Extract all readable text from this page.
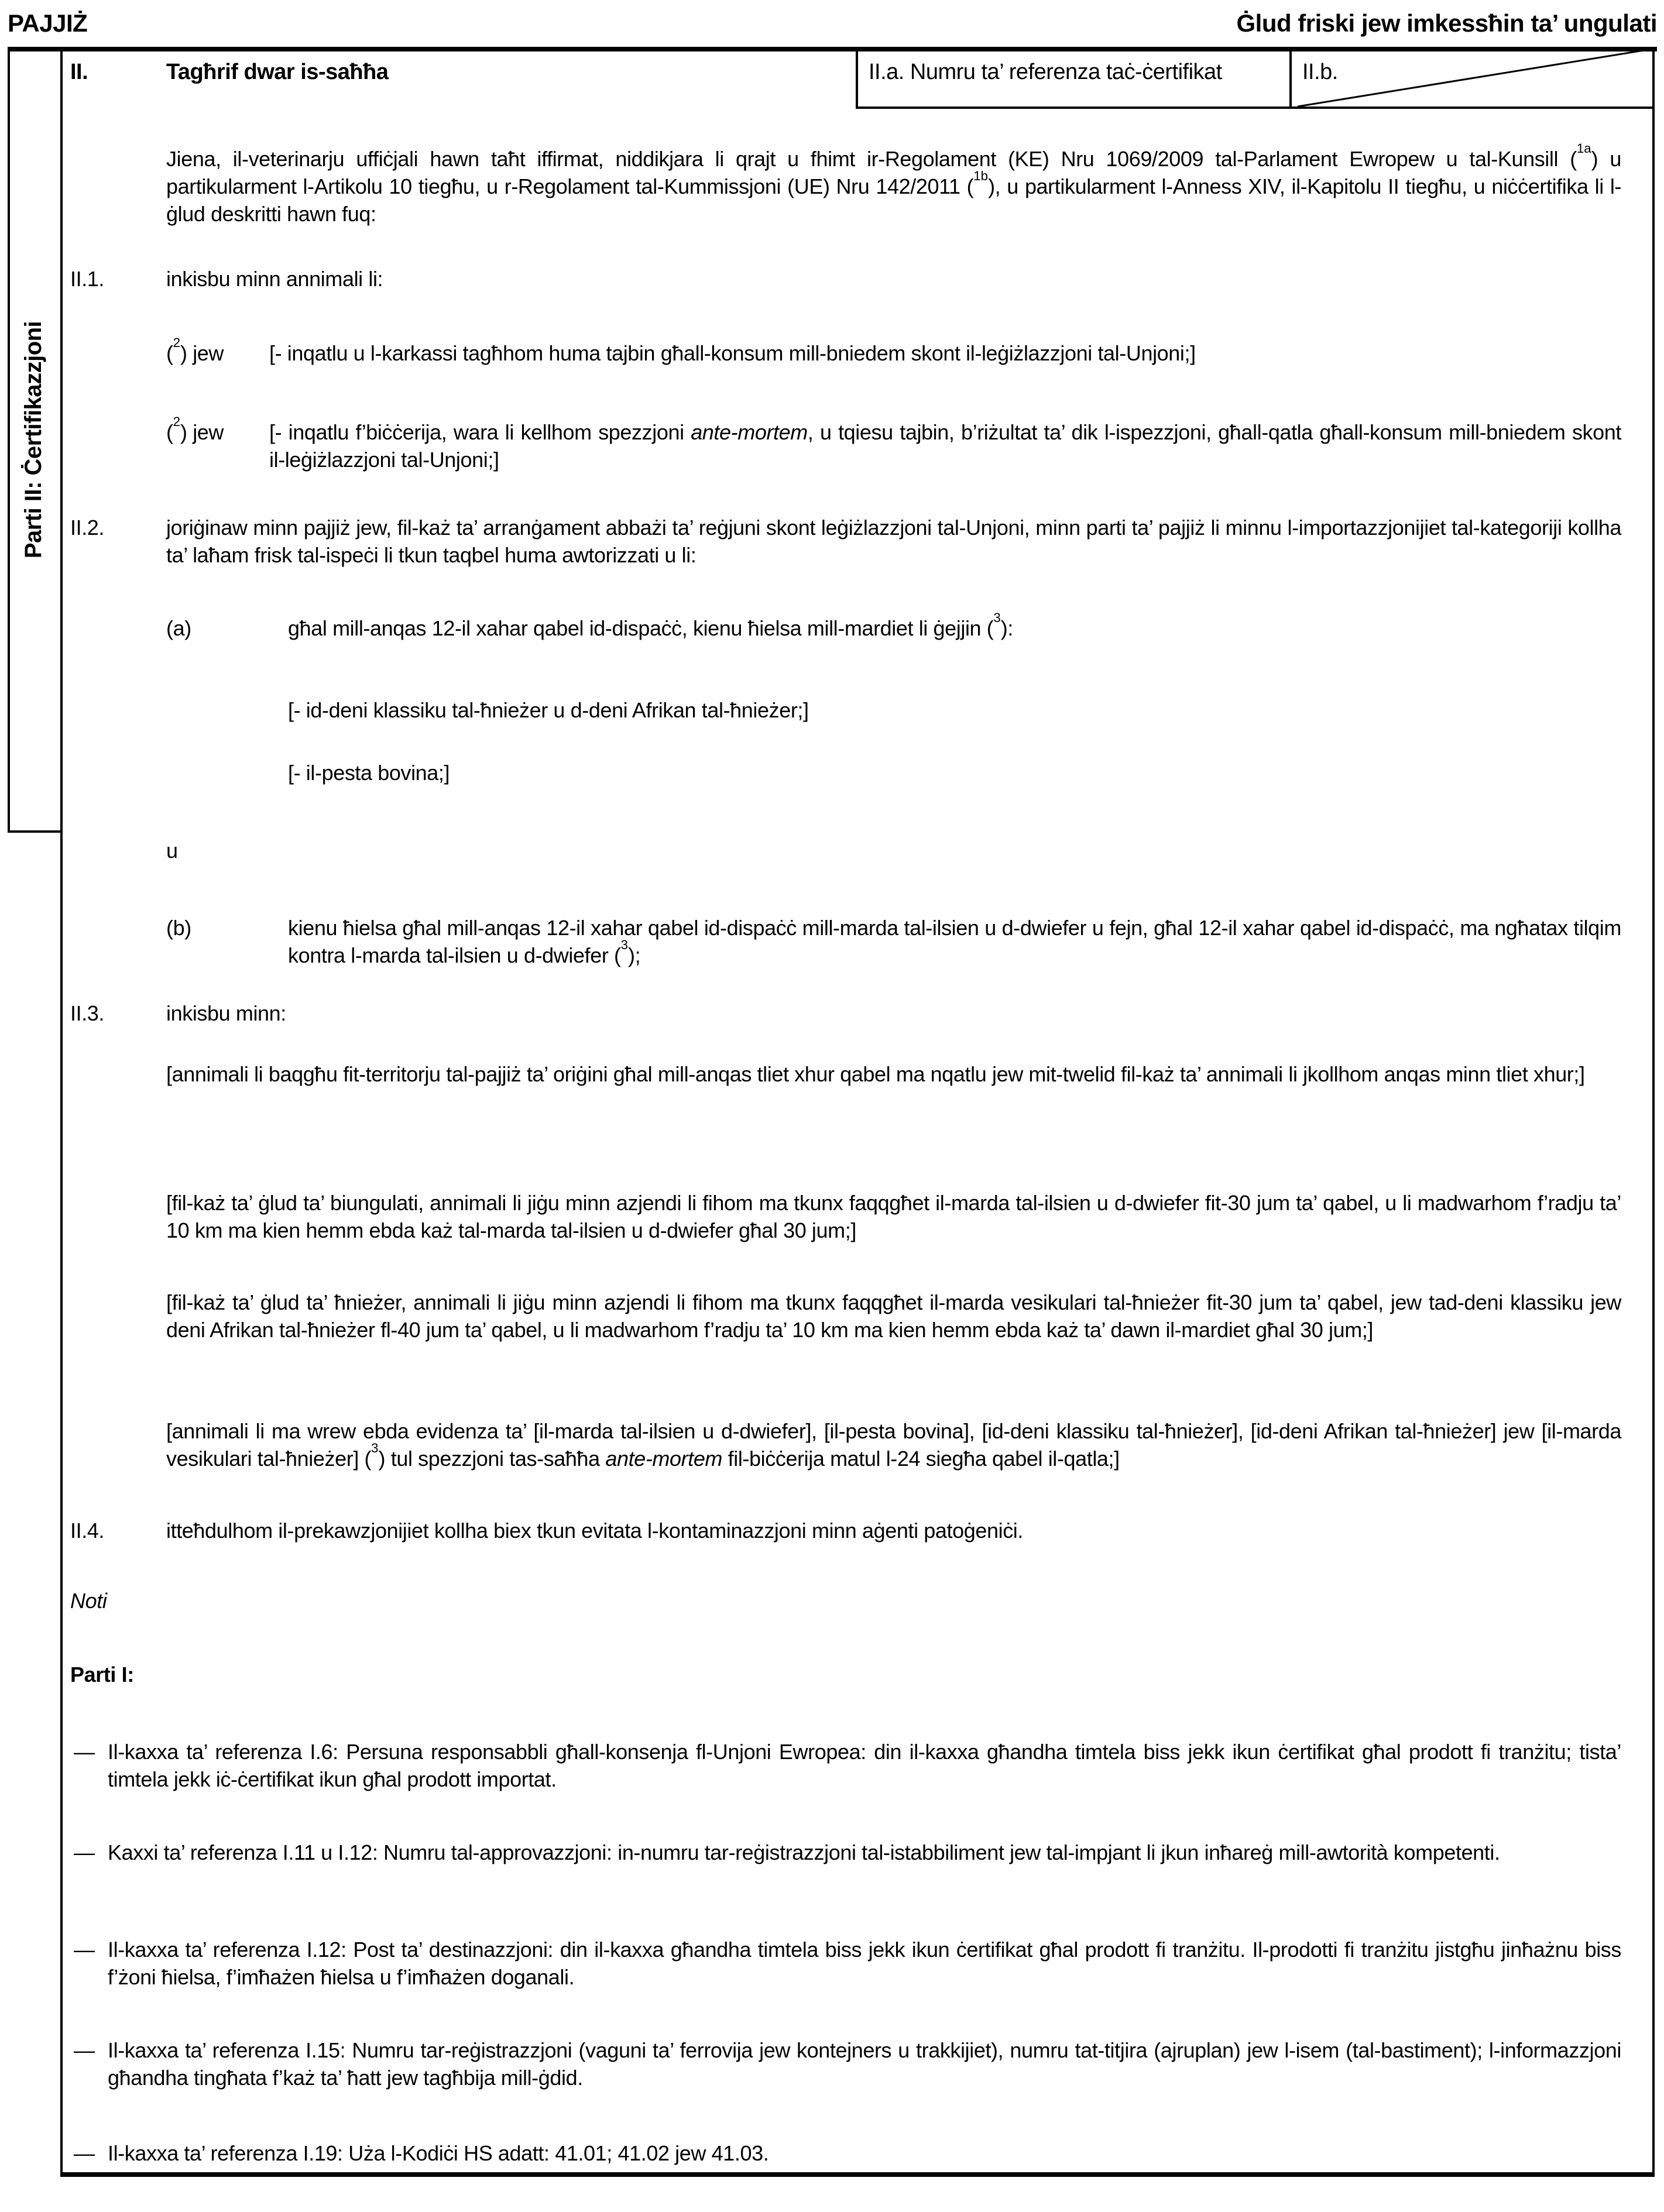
PAJJIŻ	Ġlud friski jew imkessħin ta’ ungulati
Parti II: Ċertifikazzjoni
II.	Tagħrif dwar is-saħħa	II.a. Numru ta’ referenza taċ-ċertifikat	II.b.
Jiena, il-veterinarju uffiċjali hawn taħt iffirmat, niddikjara li qrajt u fhimt ir-Regolament (KE) Nru 1069/2009 tal-Parlament Ewropew u tal-Kunsill ($^{1a}$) u partikularment l-Artikolu 10 tiegħu, u r-Regolament tal-Kummissjoni (UE) Nru 142/2011 ($^{1b}$), u partikularment l-Anness XIV, il-Kapitolu II tiegħu, u niċċertifika li l-ġlud deskritti hawn fuq:
II.1.	inkisbu minn annimali li:
($^2$) jew [- inqatlu u l-karkassi tagħhom huma tajbin għall-konsum mill-bniedem skont il-leġiżlazzjoni tal-Unjoni;]
($^2$) jew [- inqatlu f’biċċerija, wara li kellhom spezzjoni ante-mortem, u tqiesu tajbin, b’riżultat ta’ dik l-ispezzjoni, għall-qatla għall-konsum mill-bniedem skont il-leġiżlazzjoni tal-Unjoni;]
II.2.	joriġinaw minn pajjiż jew, fil-każ ta’ arranġament abbażi ta’ reġjuni skont leġiżlazzjoni tal-Unjoni, minn parti ta’ pajjiż li minnu l-importazzjonijiet tal-kategoriji kollha ta’ laħam frisk tal-ispeċi li tkun taqbel huma awtorizzati u li:
(a)	għal mill-anqas 12-il xahar qabel id-dispaċċ, kienu ħielsa mill-mardiet li ġejjin ($^3$):
[- id-deni klassiku tal-ħnieżer u d-deni Afrikan tal-ħnieżer;]
[- il-pesta bovina;]
u
(b)	kienu ħielsa għal mill-anqas 12-il xahar qabel id-dispaċċ mill-marda tal-ilsien u d-dwiefer u fejn, għal 12-il xahar qabel id-dispaċċ, ma ngħatax tilqim kontra l-marda tal-ilsien u d-dwiefer ($^3$);
II.3.	inkisbu minn:
[annimali li baqgħu fit-territorju tal-pajjiż ta’ oriġini għal mill-anqas tliet xhur qabel ma nqatlu jew mit-twelid fil-każ ta’ annimali li jkollhom anqas minn tliet xhur;]
[fil-każ ta’ ġlud ta’ biungulati, annimali li jiġu minn azjendi li fihom ma tkunx faqqgħet il-marda tal-ilsien u d-dwiefer fit-30 jum ta’ qabel, u li madwarhom f’radju ta’ 10 km ma kien hemm ebda każ tal-marda tal-ilsien u d-dwiefer għal 30 jum;]
[fil-każ ta’ ġlud ta’ ħnieżer, annimali li jiġu minn azjendi li fihom ma tkunx faqqgħet il-marda vesikulari tal-ħnieżer fit-30 jum ta’ qabel, jew tad-deni klassiku jew deni Afrikan tal-ħnieżer fl-40 jum ta’ qabel, u li madwarhom f’radju ta’ 10 km ma kien hemm ebda każ ta’ dawn il-mardiet għal 30 jum;]
[annimali li ma wrew ebda evidenza ta’ [il-marda tal-ilsien u d-dwiefer], [il-pesta bovina], [id-deni klassiku tal-ħnieżer], [id-deni Afrikan tal-ħnieżer] jew [il-marda vesikulari tal-ħnieżer] ($^3$) tul spezzjoni tas-saħħa ante-mortem fil-biċċerija matul l-24 siegħa qabel il-qatla;]
II.4.	itteħdulhom il-prekawzjonijiet kollha biex tkun evitata l-kontaminazzjoni minn aġenti patoġeniċi.
Noti
Parti I:
— Il-kaxxa ta’ referenza I.6: Persuna responsabbli għall-konsenja fl-Unjoni Ewropea: din il-kaxxa għandha timtela biss jekk ikun ċertifikat għal prodott fi tranżitu; tista’ timtela jekk iċ-ċertifikat ikun għal prodott importat.
— Kaxxi ta’ referenza I.11 u I.12: Numru tal-approvazzjoni: in-numru tar-reġistrazzjoni tal-istabbiliment jew tal-impjant li jkun inħareġ mill-awtorità kompetenti.
— Il-kaxxa ta’ referenza I.12: Post ta’ destinazzjoni: din il-kaxxa għandha timtela biss jekk ikun ċertifikat għal prodott fi tranżitu. Il-prodotti fi tranżitu jistgħu jinħażnu biss f’żoni ħielsa, f’imħażen ħielsa u f’imħażen doganali.
— Il-kaxxa ta’ referenza I.15: Numru tar-reġistrazzjoni (vaguni ta’ ferrovija jew kontejners u trakkijiet), numru tat-titjira (ajruplan) jew l-isem (tal-bastiment); l-informazzjoni għandha tingħata f’każ ta’ ħatt jew tagħbija mill-ġdid.
— Il-kaxxa ta’ referenza I.19: Uża l-Kodiċi HS adatt: 41.01; 41.02 jew 41.03.
